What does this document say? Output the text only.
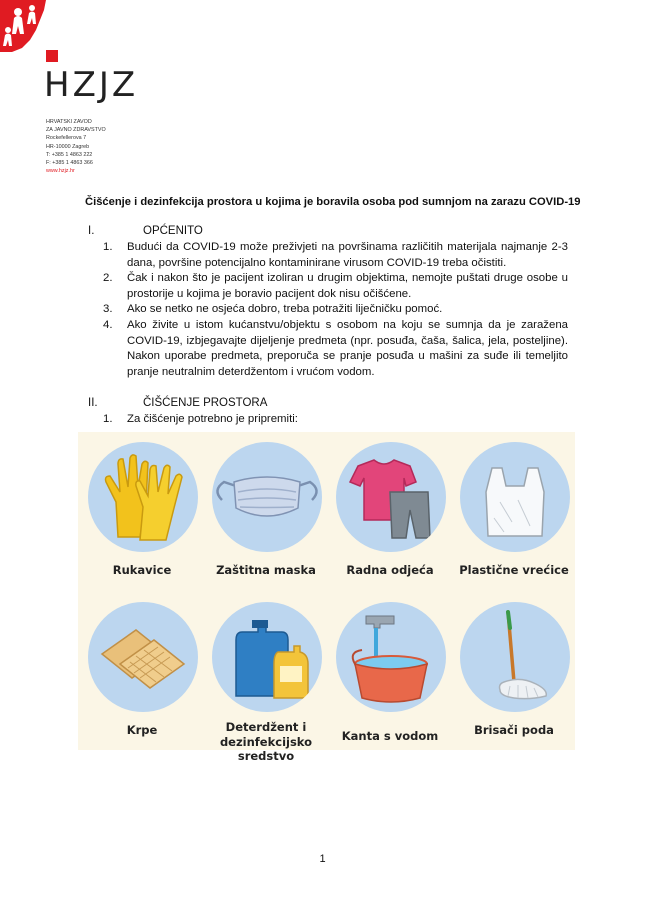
HZJZ
HRVATSKI ZAVOD
ZA JAVNO ZDRAVSTVO
Rockefellerova 7
HR-10000 Zagreb
T: +385 1 4863 222
F: +385 1 4863 366
www.hzjz.hr
Čišćenje i dezinfekcija prostora u kojima je boravila osoba pod sumnjom na zarazu COVID-19
I.	OPĆENITO
1. Budući da COVID-19 može preživjeti na površinama različitih materijala najmanje 2-3 dana, površine potencijalno kontaminirane virusom COVID-19 treba očistiti.
2. Čak i nakon što je pacijent izoliran u drugim objektima, nemojte puštati druge osobe u prostorije u kojima je boravio pacijent dok nisu očišćene.
3. Ako se netko ne osjeća dobro, treba potražiti liječničku pomoć.
4. Ako živite u istom kućanstvu/objektu s osobom na koju se sumnja da je zaražena COVID-19, izbjegavajte dijeljenje predmeta (npr. posuđa, čaša, šalica, jela, posteljine). Nakon uporabe predmeta, preporuča se pranje posuđa u mašini za suđe ili temeljito pranje neutralnim deterdžentom i vrućom vodom.
II.	ČIŠĆENJE PROSTORA
1. Za čišćenje potrebno je pripremiti:
Rukavice	Zaštitna maska	Radna odjeća	Plastične vrećice
Krpe	Deterdžent i
dezinfekcijsko sredstvo
Kanta s vodom	Brisači poda
1
